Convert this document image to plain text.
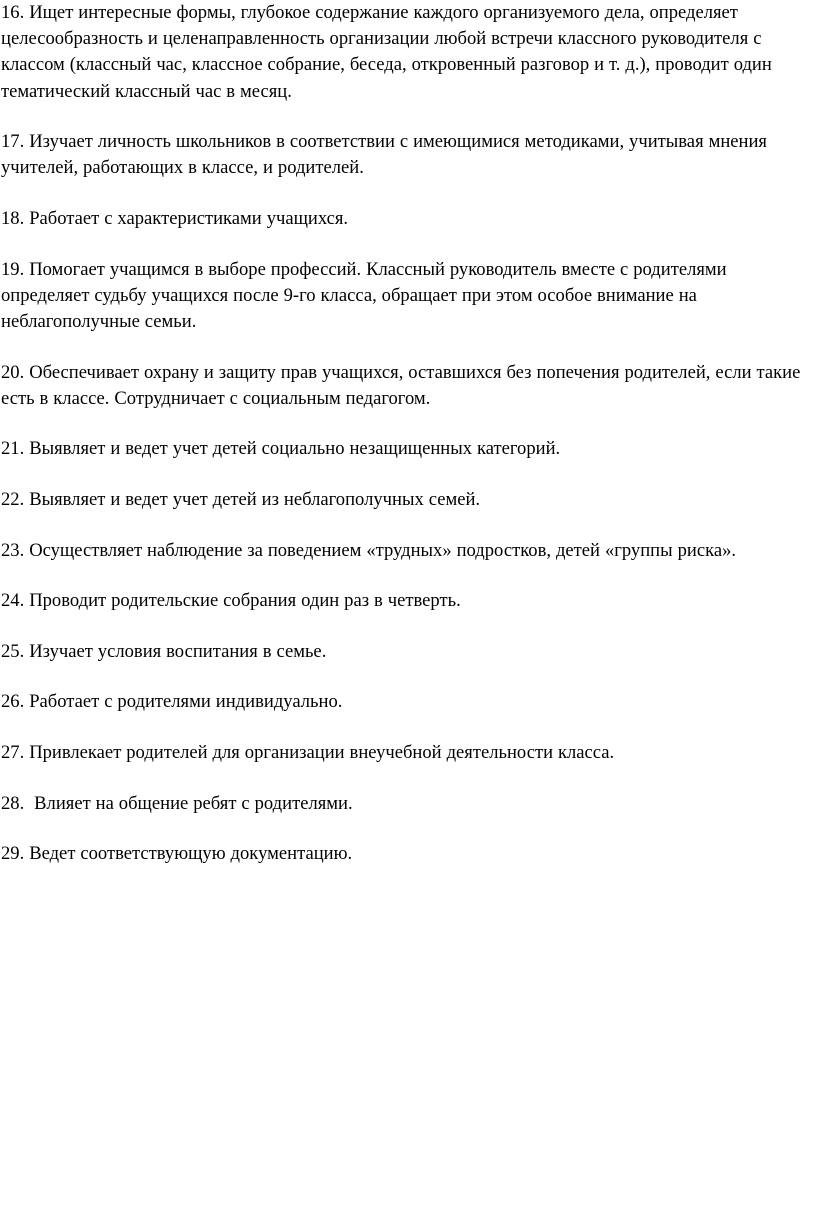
16. Ищет интересные формы, глубокое содержание каждого организуемого дела, определяет целесообразность и целенаправленность организации любой встречи классного руководителя с классом (классный час, классное собрание, беседа, откровенный разговор и т. д.), проводит один тематический классный час в месяц.

17. Изучает личность школьников в соответствии с имеющимися методиками, учитывая мнения учителей, работающих в классе, и родителей.

18. Работает с характеристиками учащихся.

19. Помогает учащимся в выборе профессий. Классный руководитель вместе с родителями определяет судьбу учащихся после 9-го класса, обращает при этом особое внимание на неблагополучные семьи.

20. Обеспечивает охрану и защиту прав учащихся, оставшихся без попечения родителей, если такие есть в классе. Сотрудничает с социальным педагогом.

21. Выявляет и ведет учет детей социально незащищенных категорий.

22. Выявляет и ведет учет детей из неблагополучных семей.

23. Осуществляет наблюдение за поведением «трудных» подростков, детей «группы риска».

24. Проводит родительские собрания один раз в четверть.

25. Изучает условия воспитания в семье.

26. Работает с родителями индивидуально.

27. Привлекает родителей для организации внеучебной деятельности класса.

28.  Влияет на общение ребят с родителями.

29. Ведет соответствующую документацию.
